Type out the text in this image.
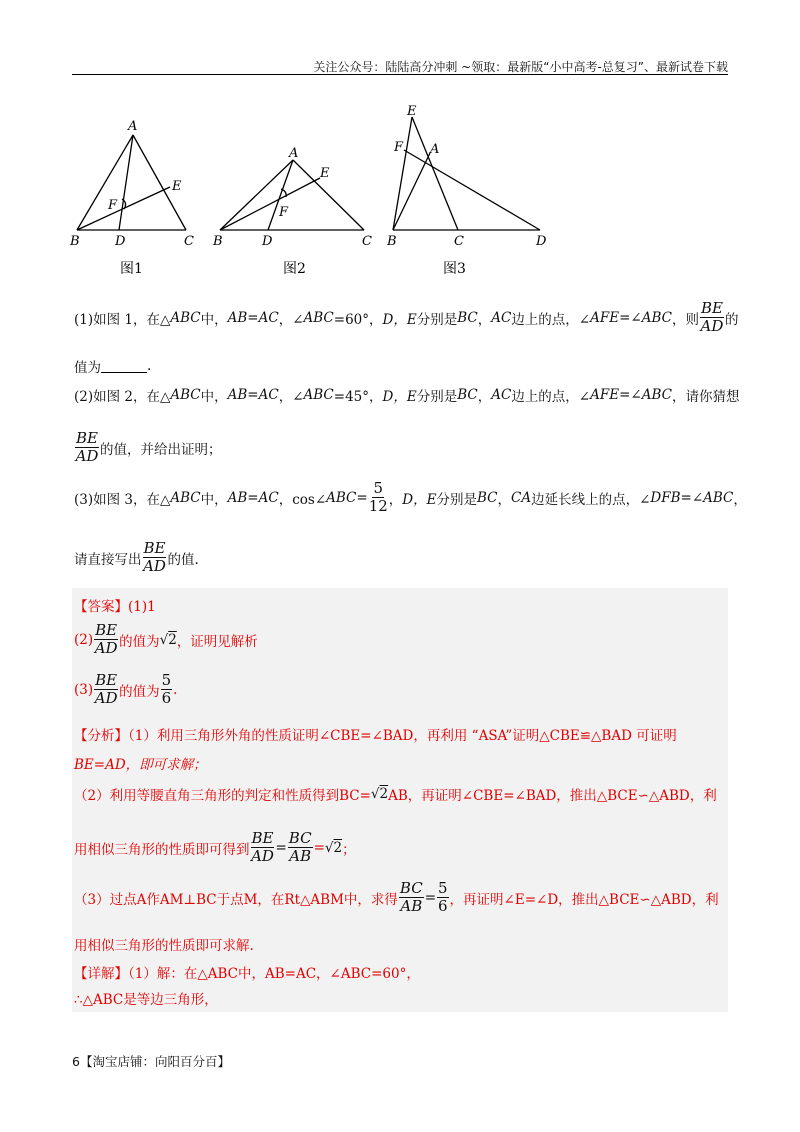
关注公众号：陆陆高分冲刺 ~领取：最新版“小中高考-总复习”、最新试卷下载
A
B	C
D
E
F
图1
A
B	C
D
E
F
图2
E
F A
B	C	D
图3
(1)如图 1，在△ ABC 中， AB=AC ，∠ ABC =60°， D，E 分别是 BC ， AC 边上的点，∠ AFE=∠ABC ，则 $\frac{BE}{AD}$ 的
值为	.
(2)如图 2，在△ ABC 中， AB=AC ，∠ ABC =45°， D，E 分别是 BC ， AC 边上的点，∠ AFE=∠ABC ，请你猜想
$\frac{BE}{AD}$ 的值，并给出证明；
(3)如图 3，在△ ABC 中， AB=AC ，cos∠ ABC = $\frac{5}{12}$ ， D，E 分别是 BC ， CA 边延长线上的点，∠ DFB=∠ABC ，
请直接写出 $\frac{BE}{AD}$ 的值.
【答案】(1)1
$(2) \frac{BE}{AD}$ 的值为 √ 2 ，证明见解析
$(3) \frac{BE}{AD}$ 的值为 $\frac{5}{6}$ .
【分析】（1）利用三角形外角的性质证明∠CBE=∠BAD，再利用 “ASA”证明△CBE≌△BAD 可证明
BE=AD，即可求解；
（2）利用等腰直角三角形的判定和性质得到BC= √ 2 AB，再证明∠CBE=∠BAD，推出△BCE∽△ABD，利
用相似三角形的性质即可得到 $\frac{BE}{AD} = \frac{BC}{AB}$ = √ 2 ；
（3）过点A作AM⊥BC于点M，在Rt△ABM中，求得 $\frac{BC}{AB} = \frac{5}{6}$ ，再证明∠E=∠D，推出△BCE∽△ABD，利
用相似三角形的性质即可求解.
【详解】（1）解：在△ABC中，AB=AC，∠ABC=60°，
∴△ABC是等边三角形，
6【淘宝店铺：向阳百分百】
